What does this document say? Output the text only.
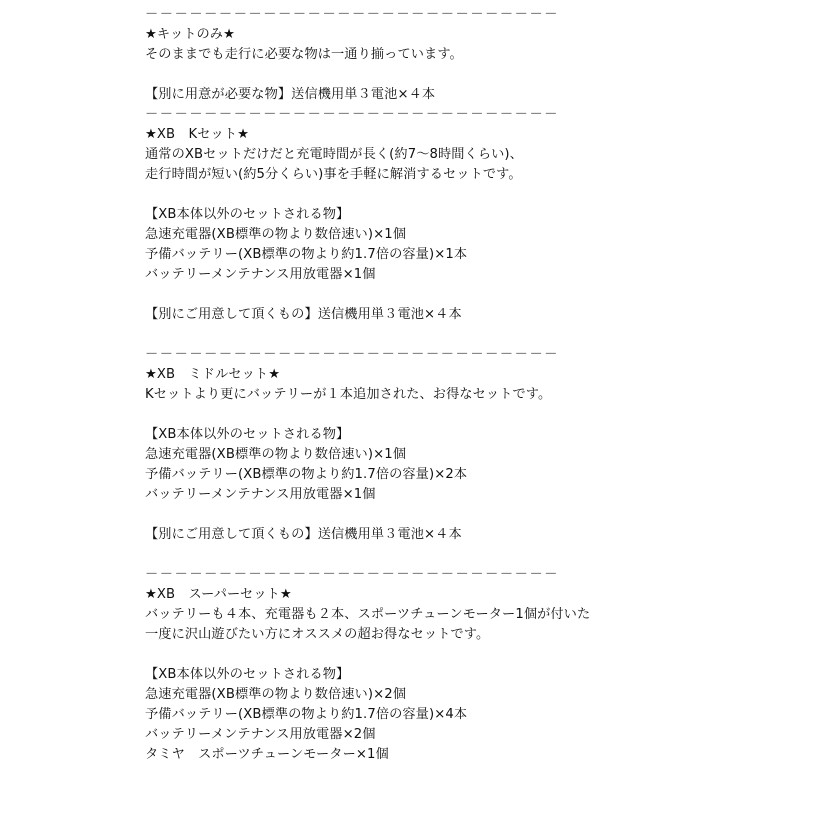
－－－－－－－－－－－－－－－－－－－－－－－－－－－－
★キットのみ★
そのままでも走行に必要な物は一通り揃っています。
【別に用意が必要な物】送信機用単３電池×４本
－－－－－－－－－－－－－－－－－－－－－－－－－－－－
★XB　Kセット★
通常のXBセットだけだと充電時間が長く(約7～8時間くらい)、
走行時間が短い(約5分くらい)事を手軽に解消するセットです。
【XB本体以外のセットされる物】
急速充電器(XB標準の物より数倍速い)×1個
予備バッテリー(XB標準の物より約1.7倍の容量)×1本
バッテリーメンテナンス用放電器×1個
【別にご用意して頂くもの】送信機用単３電池×４本
－－－－－－－－－－－－－－－－－－－－－－－－－－－－
★XB　ミドルセット★
Kセットより更にバッテリーが１本追加された、お得なセットです。
【XB本体以外のセットされる物】
急速充電器(XB標準の物より数倍速い)×1個
予備バッテリー(XB標準の物より約1.7倍の容量)×2本
バッテリーメンテナンス用放電器×1個
【別にご用意して頂くもの】送信機用単３電池×４本
－－－－－－－－－－－－－－－－－－－－－－－－－－－－
★XB　スーパーセット★
バッテリーも４本、充電器も２本、スポーツチューンモーター1個が付いた
一度に沢山遊びたい方にオススメの超お得なセットです。
【XB本体以外のセットされる物】
急速充電器(XB標準の物より数倍速い)×2個
予備バッテリー(XB標準の物より約1.7倍の容量)×4本
バッテリーメンテナンス用放電器×2個
タミヤ　スポーツチューンモーター×1個
